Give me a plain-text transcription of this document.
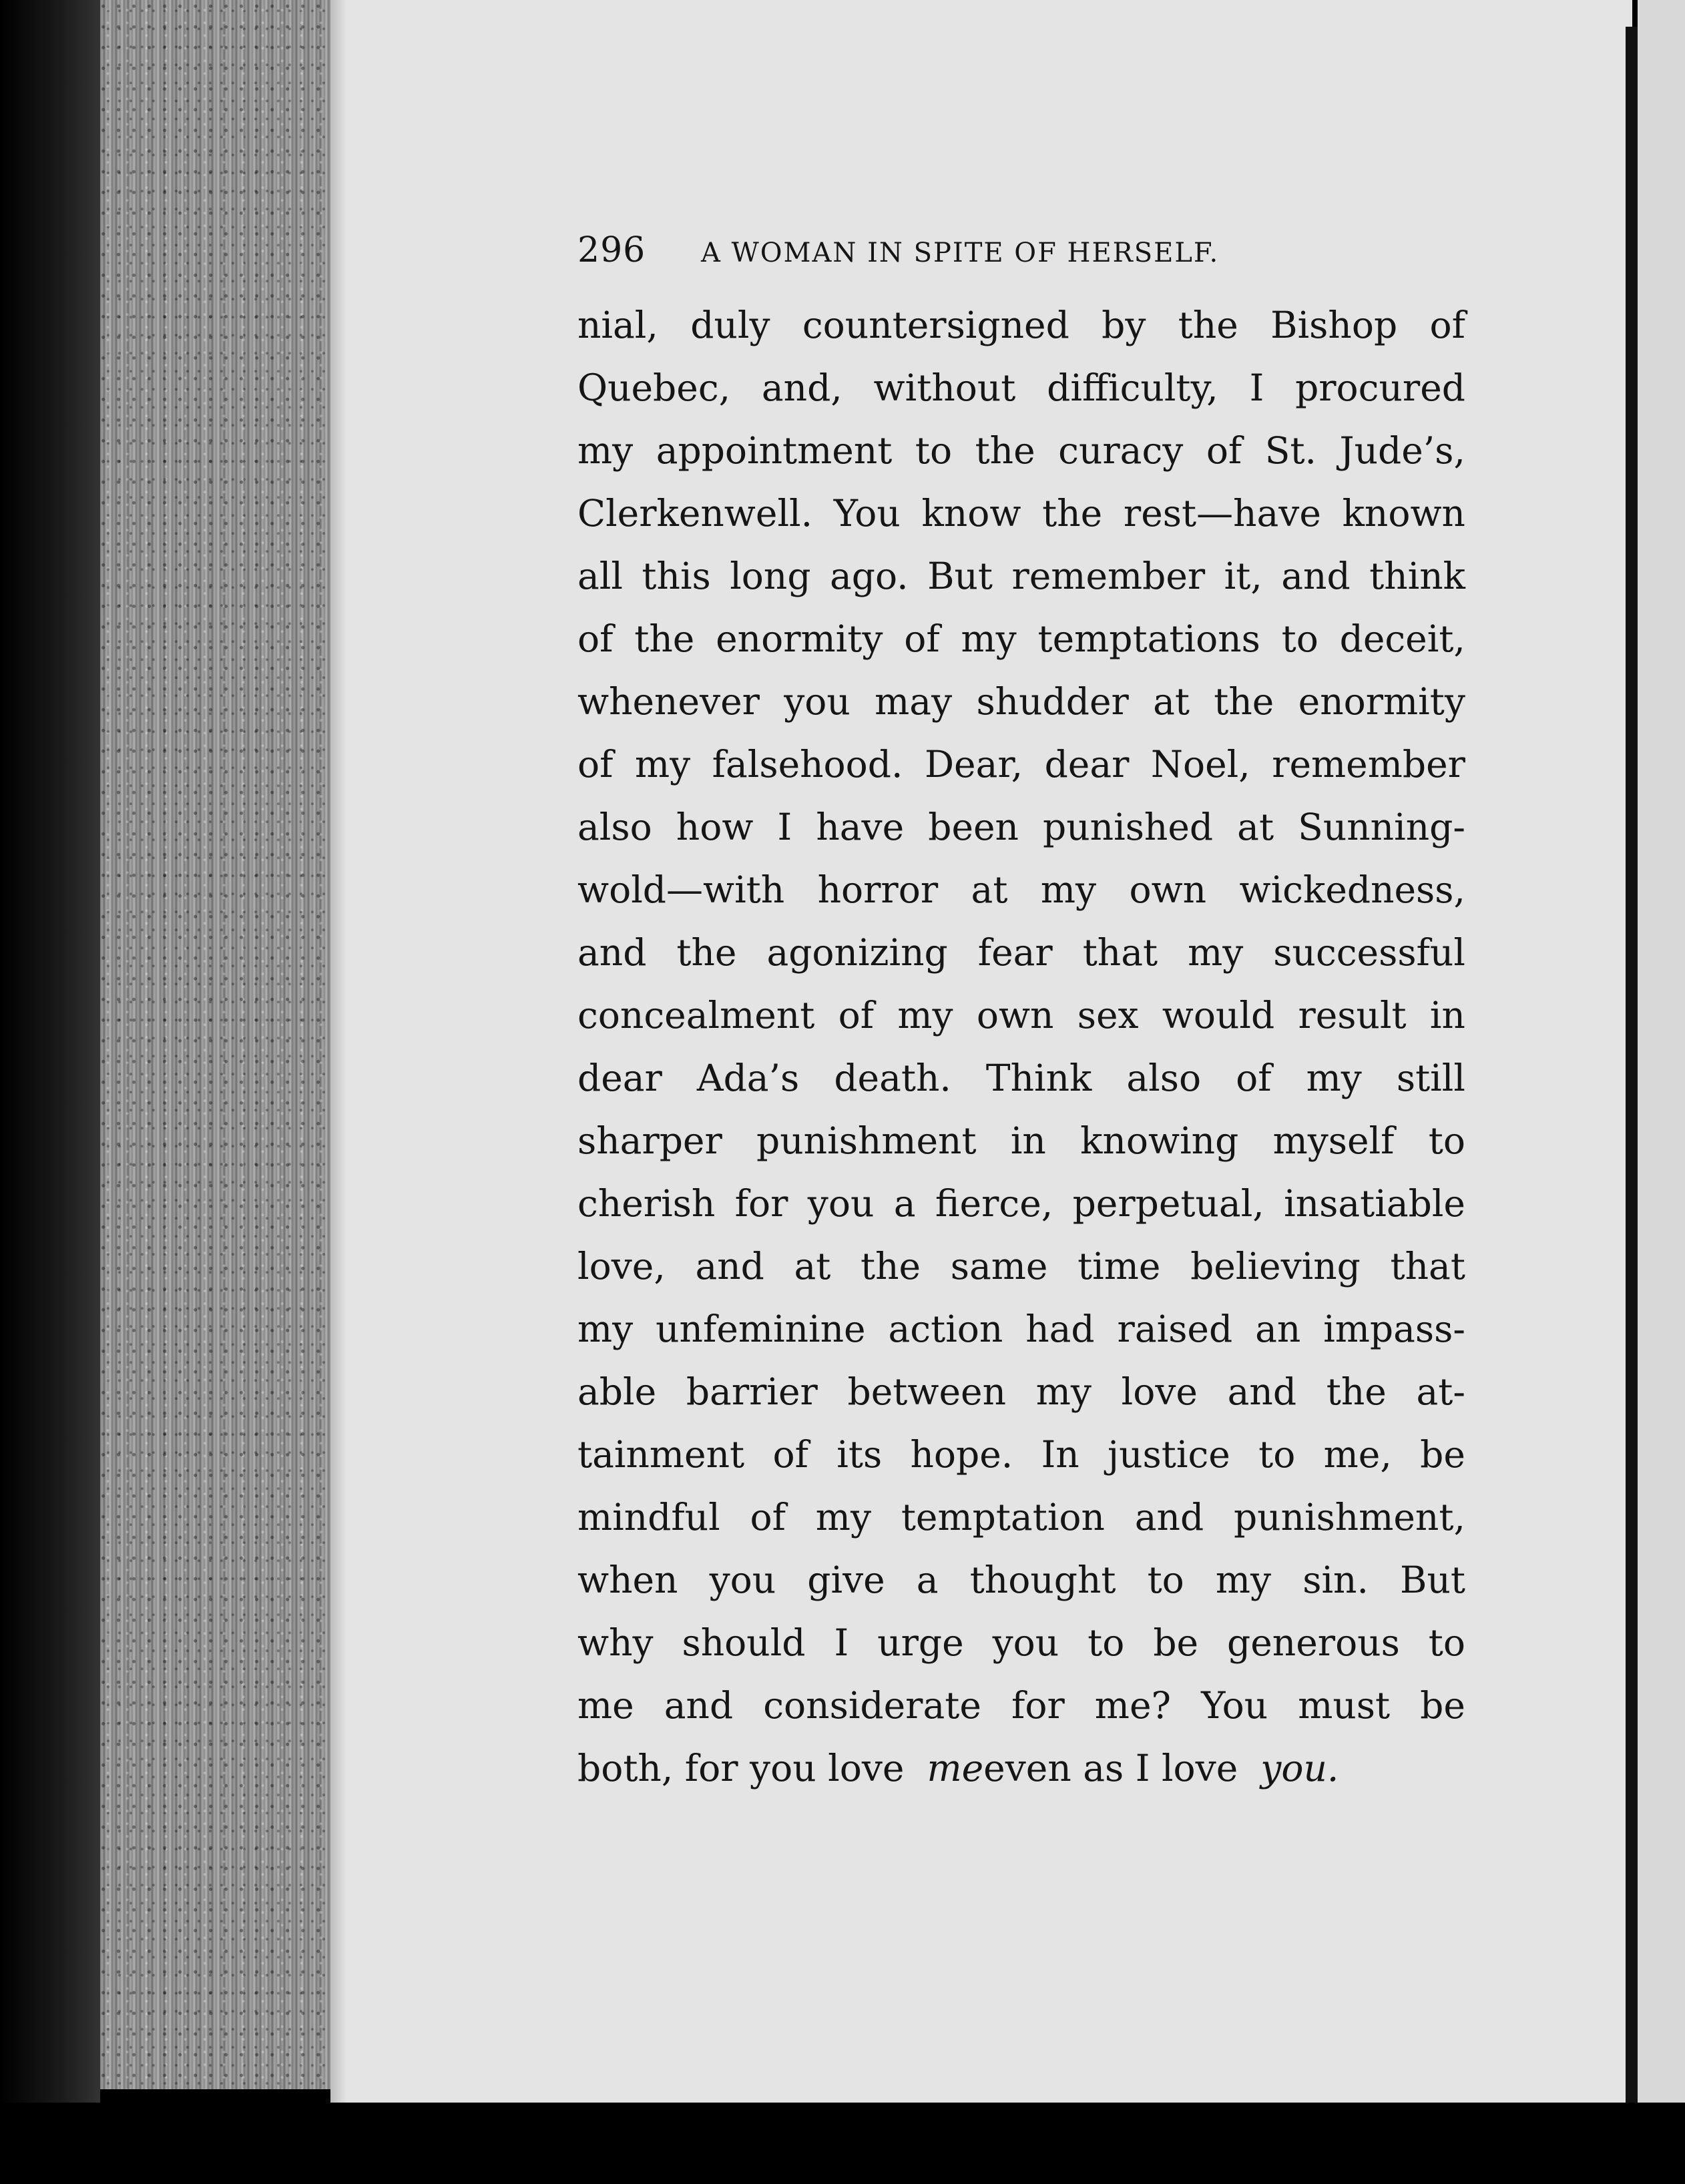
296	A WOMAN IN SPITE OF HERSELF.
nial, duly countersigned by the Bishop of
Quebec, and, without difficulty, I procured
my appointment to the curacy of St. Jude’s,
Clerkenwell. You know the rest—have known
all this long ago. But remember it, and think
of the enormity of my temptations to deceit,
whenever you may shudder at the enormity
of my falsehood. Dear, dear Noel, remember
also how I have been punished at Sunning-
wold—with horror at my own wickedness,
and the agonizing fear that my successful
concealment of my own sex would result in
dear Ada’s death. Think also of my still
sharper punishment in knowing myself to
cherish for you a fierce, perpetual, insatiable
love, and at the same time believing that
my unfeminine action had raised an impass-
able barrier between my love and the at-
tainment of its hope. In justice to me, be
mindful of my temptation and punishment,
when you give a thought to my sin. But
why should I urge you to be generous to
me and considerate for me? You must be
both, for you love me even as I love you.
